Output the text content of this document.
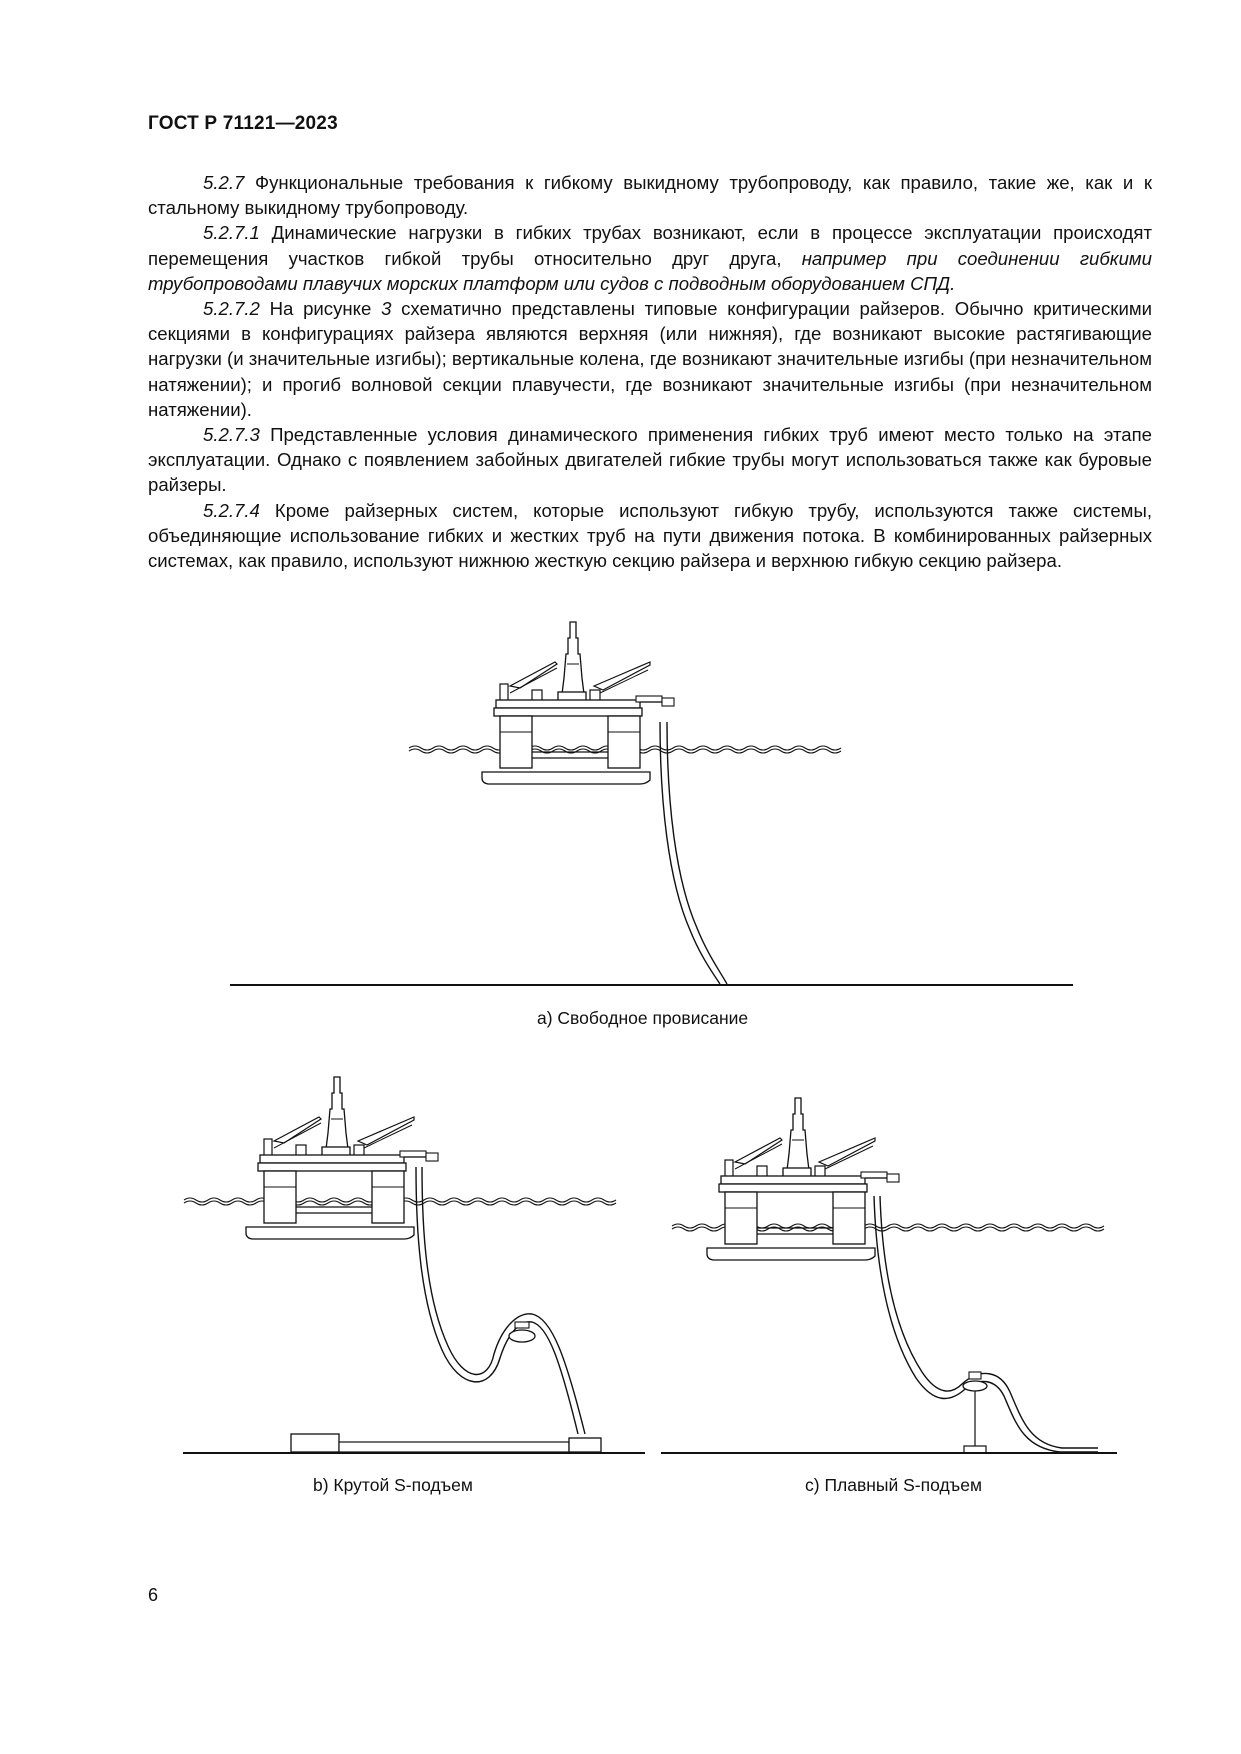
ГОСТ Р 71121—2023

5.2.7 Функциональные требования к гибкому выкидному трубопроводу, как правило, такие же, как и к стальному выкидному трубопроводу.

5.2.7.1 Динамические нагрузки в гибких трубах возникают, если в процессе эксплуатации происходят перемещения участков гибкой трубы относительно друг друга, например при соединении гибкими трубопроводами плавучих морских платформ или судов с подводным оборудованием СПД.

5.2.7.2 На рисунке 3 схематично представлены типовые конфигурации райзеров. Обычно критическими секциями в конфигурациях райзера являются верхняя (или нижняя), где возникают высокие растягивающие нагрузки (и значительные изгибы); вертикальные колена, где возникают значительные изгибы (при незначительном натяжении); и прогиб волновой секции плавучести, где возникают значительные изгибы (при незначительном натяжении).

5.2.7.3 Представленные условия динамического применения гибких труб имеют место только на этапе эксплуатации. Однако с появлением забойных двигателей гибкие трубы могут использоваться также как буровые райзеры.

5.2.7.4 Кроме райзерных систем, которые используют гибкую трубу, используются также системы, объединяющие использование гибких и жестких труб на пути движения потока. В комбинированных райзерных системах, как правило, используют нижнюю жесткую секцию райзера и верхнюю гибкую секцию райзера.

а) Свободное провисание
b) Крутой S-подъем	c) Плавный S-подъем
6
